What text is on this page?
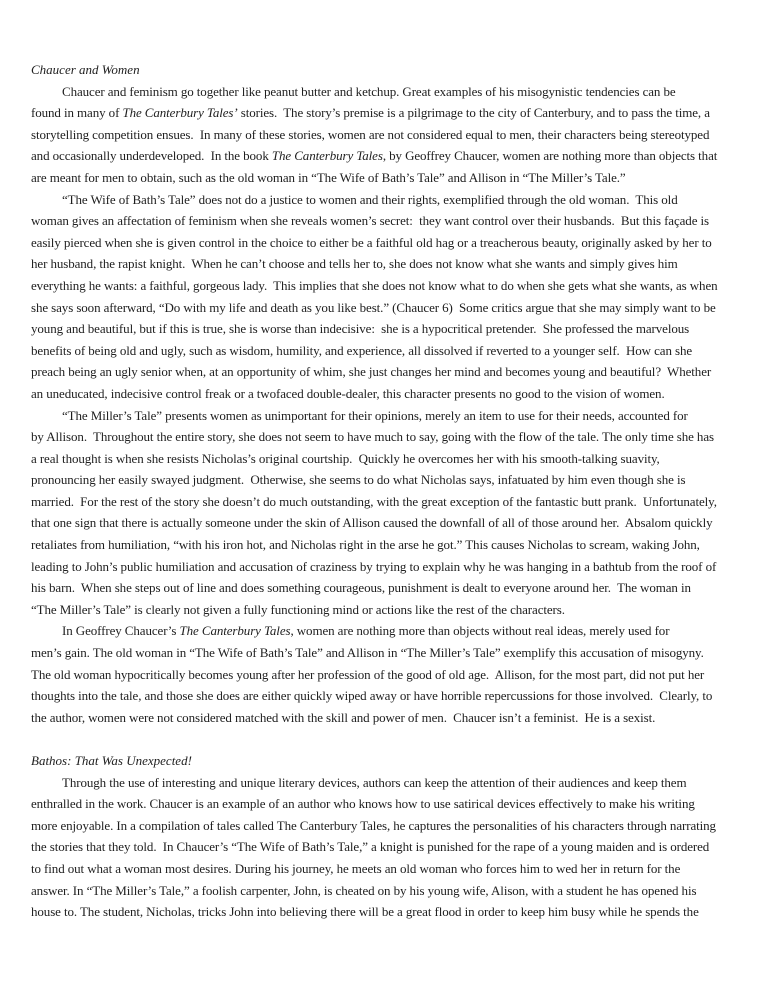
Chaucer and Women
Chaucer and feminism go together like peanut butter and ketchup. Great examples of his misogynistic tendencies can be
found in many of The Canterbury Tales’ stories.  The story’s premise is a pilgrimage to the city of Canterbury, and to pass the time, a
storytelling competition ensues.  In many of these stories, women are not considered equal to men, their characters being stereotyped
and occasionally underdeveloped.  In the book The Canterbury Tales, by Geoffrey Chaucer, women are nothing more than objects that
are meant for men to obtain, such as the old woman in “The Wife of Bath’s Tale” and Allison in “The Miller’s Tale.”
“The Wife of Bath’s Tale” does not do a justice to women and their rights, exemplified through the old woman.  This old
woman gives an affectation of feminism when she reveals women’s secret:  they want control over their husbands.  But this façade is
easily pierced when she is given control in the choice to either be a faithful old hag or a treacherous beauty, originally asked by her to
her husband, the rapist knight.  When he can’t choose and tells her to, she does not know what she wants and simply gives him
everything he wants: a faithful, gorgeous lady.  This implies that she does not know what to do when she gets what she wants, as when
she says soon afterward, “Do with my life and death as you like best.” (Chaucer 6)  Some critics argue that she may simply want to be
young and beautiful, but if this is true, she is worse than indecisive:  she is a hypocritical pretender.  She professed the marvelous
benefits of being old and ugly, such as wisdom, humility, and experience, all dissolved if reverted to a younger self.  How can she
preach being an ugly senior when, at an opportunity of whim, she just changes her mind and becomes young and beautiful?  Whether
an uneducated, indecisive control freak or a twofaced double-dealer, this character presents no good to the vision of women.
“The Miller’s Tale” presents women as unimportant for their opinions, merely an item to use for their needs, accounted for
by Allison.  Throughout the entire story, she does not seem to have much to say, going with the flow of the tale. The only time she has
a real thought is when she resists Nicholas’s original courtship.  Quickly he overcomes her with his smooth-talking suavity,
pronouncing her easily swayed judgment.  Otherwise, she seems to do what Nicholas says, infatuated by him even though she is
married.  For the rest of the story she doesn’t do much outstanding, with the great exception of the fantastic butt prank.  Unfortunately,
that one sign that there is actually someone under the skin of Allison caused the downfall of all of those around her.  Absalom quickly
retaliates from humiliation, “with his iron hot, and Nicholas right in the arse he got.” This causes Nicholas to scream, waking John,
leading to John’s public humiliation and accusation of craziness by trying to explain why he was hanging in a bathtub from the roof of
his barn.  When she steps out of line and does something courageous, punishment is dealt to everyone around her.  The woman in
“The Miller’s Tale” is clearly not given a fully functioning mind or actions like the rest of the characters.
In Geoffrey Chaucer’s The Canterbury Tales, women are nothing more than objects without real ideas, merely used for
men’s gain. The old woman in “The Wife of Bath’s Tale” and Allison in “The Miller’s Tale” exemplify this accusation of misogyny.
The old woman hypocritically becomes young after her profession of the good of old age.  Allison, for the most part, did not put her
thoughts into the tale, and those she does are either quickly wiped away or have horrible repercussions for those involved.  Clearly, to
the author, women were not considered matched with the skill and power of men.  Chaucer isn’t a feminist.  He is a sexist.
Bathos: That Was Unexpected!
Through the use of interesting and unique literary devices, authors can keep the attention of their audiences and keep them
enthralled in the work. Chaucer is an example of an author who knows how to use satirical devices effectively to make his writing
more enjoyable. In a compilation of tales called The Canterbury Tales, he captures the personalities of his characters through narrating
the stories that they told.  In Chaucer’s “The Wife of Bath’s Tale,” a knight is punished for the rape of a young maiden and is ordered
to find out what a woman most desires. During his journey, he meets an old woman who forces him to wed her in return for the
answer. In “The Miller’s Tale,” a foolish carpenter, John, is cheated on by his young wife, Alison, with a student he has opened his
house to. The student, Nicholas, tricks John into believing there will be a great flood in order to keep him busy while he spends the
